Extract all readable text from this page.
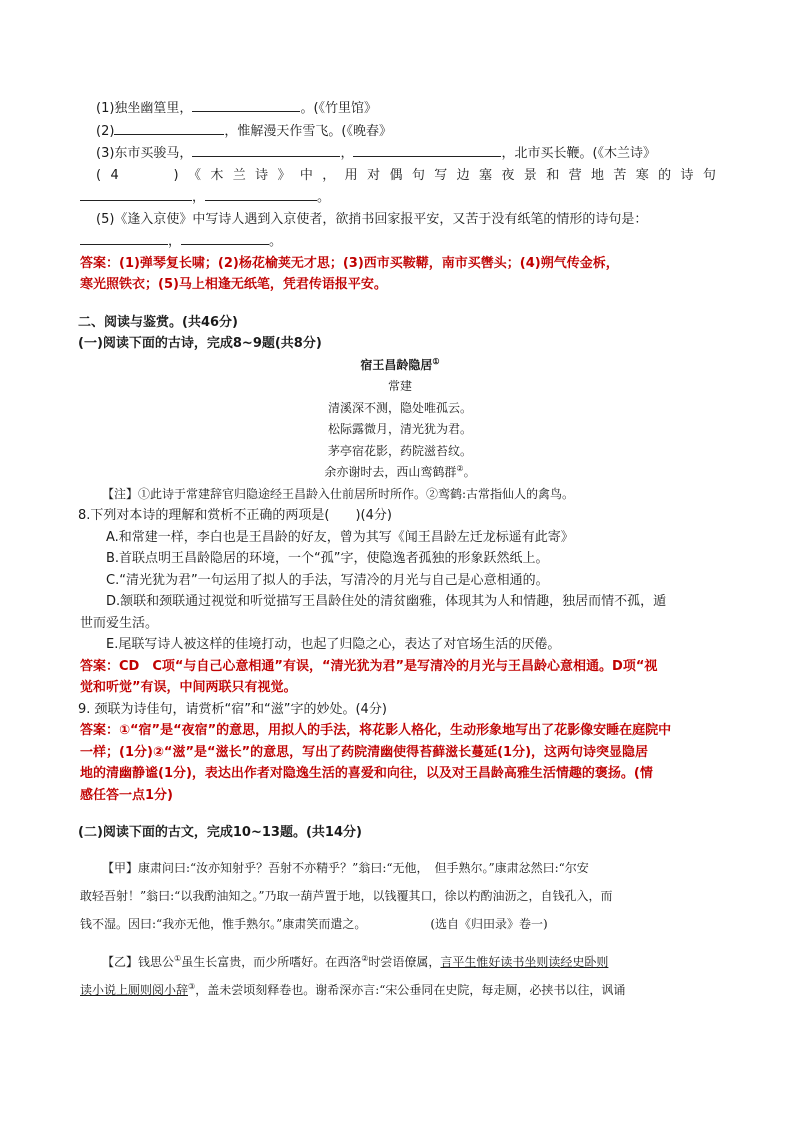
(1)独坐幽篁里，	。(《竹里馆》
(2)	，惟解漫天作雪飞。(《晚春》
(3)东市买骏马，	，	，北市买长鞭。(《木兰诗》
( 4	) 《 木 兰 诗 》 中 ， 用 对 偶 句 写 边 塞 夜 景 和 营 地 苦 寒 的 诗 句
，	。
(5)《逢入京使》中写诗人遇到入京使者，欲捎书回家报平安，又苦于没有纸笔的情形的诗句是：
，	。
答案：(1)弹琴复长啸；(2)杨花榆荚无才思；(3)西市买鞍鞯，南市买辔头；(4)朔气传金柝，
寒光照铁衣；(5)马上相逢无纸笔，凭君传语报平安。
二、阅读与鉴赏。(共46分)
(一)阅读下面的古诗，完成8~9题(共8分)
宿王昌龄隐居①
常建
清溪深不测，隐处唯孤云。
松际露微月，清光犹为君。
茅亭宿花影，药院滋苔纹。
余亦谢时去，西山鸾鹤群②。
【注】①此诗于常建辞官归隐途经王昌龄入仕前居所时所作。②鸾鹤:古常指仙人的禽鸟。
8.下列对本诗的理解和赏析不正确的两项是(　　)(4分)
A.和常建一样，李白也是王昌龄的好友，曾为其写《闻王昌龄左迁龙标遥有此寄》
B.首联点明王昌龄隐居的环境，一个“孤”字，使隐逸者孤独的形象跃然纸上。
C.“清光犹为君”一句运用了拟人的手法，写清冷的月光与自己是心意相通的。
D.颔联和颈联通过视觉和听觉描写王昌龄住处的清贫幽雅，体现其为人和情趣，独居而情不孤，遁
世而爱生活。
E.尾联写诗人被这样的佳境打动，也起了归隐之心，表达了对官场生活的厌倦。
答案：CD　C项“与自己心意相通”有误，“清光犹为君”是写清冷的月光与王昌龄心意相通。D项“视
觉和听觉”有误，中间两联只有视觉。
9. 颈联为诗佳句，请赏析“宿”和“滋”字的妙处。(4分)
答案：①“宿”是“夜宿”的意思，用拟人的手法，将花影人格化，生动形象地写出了花影像安睡在庭院中
一样；(1分)②“滋”是“滋长”的意思，写出了药院清幽使得苔藓滋长蔓延(1分)，这两句诗突显隐居
地的清幽静谧(1分)，表达出作者对隐逸生活的喜爱和向往，以及对王昌龄高雅生活情趣的褒扬。(情
感任答一点1分)
(二)阅读下面的古文，完成10~13题。(共14分)
【甲】康肃问曰:“汝亦知射乎？吾射不亦精乎？”翁曰:“无他，　但手熟尔。”康肃忿然曰:“尔安
敢轻吾射！”翁曰:“以我酌油知之。”乃取一葫芦置于地，以钱覆其口，徐以杓酌油沥之，自钱孔入，而
钱不湿。因曰:“我亦无他，惟手熟尔。”康肃笑而遣之。	(选自《归田录》卷一)
【乙】钱思公①虽生长富贵，而少所嗜好。在西洛②时尝语僚属，言平生惟好读书坐则读经史卧则
读小说上厕则阅小辞③，盖未尝顷刻释卷也。谢希深亦言:“宋公垂同在史院，每走厕，必挟书以往，讽诵
